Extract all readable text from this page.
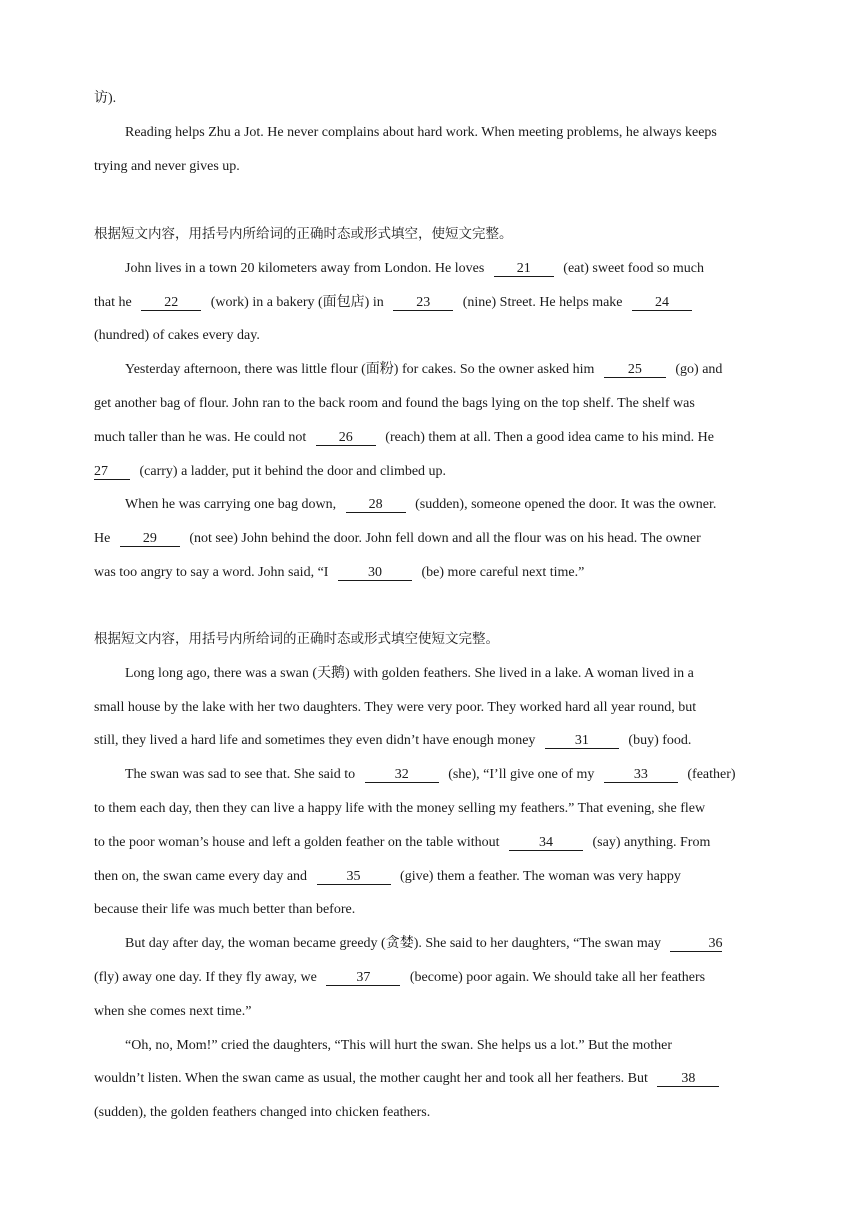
访).
Reading helps Zhu a Jot. He never complains about hard work. When meeting problems, he always keeps
trying and never gives up.
根据短文内容，用括号内所给词的正确时态或形式填空，使短文完整。
John lives in a town 20 kilometers away from London. He loves 21 (eat) sweet food so much
that he 22 (work) in a bakery (面包店) in 23 (nine) Street. He helps make 24
(hundred) of cakes every day.
Yesterday afternoon, there was little flour (面粉) for cakes. So the owner asked him 25 (go) and
get another bag of flour. John ran to the back room and found the bags lying on the top shelf. The shelf was
much taller than he was. He could not 26 (reach) them at all. Then a good idea came to his mind. He
27 (carry) a ladder, put it behind the door and climbed up.
When he was carrying one bag down, 28 (sudden), someone opened the door. It was the owner.
He 29 (not see) John behind the door. John fell down and all the flour was on his head. The owner
was too angry to say a word. John said, “I	30	(be) more careful next time.”
根据短文内容，用括号内所给词的正确时态或形式填空使短文完整。
Long long ago, there was a swan (天鹅) with golden feathers. She lived in a lake. A woman lived in a
small house by the lake with her two daughters. They were very poor. They worked hard all year round, but
still, they lived a hard life and sometimes they even didn’t have enough money	31	(buy) food.
The swan was sad to see that. She said to	32	(she), “I’ll give one of my	33	(feather)
to them each day, then they can live a happy life with the money selling my feathers.” That evening, she flew
to the poor woman’s house and left a golden feather on the table without	34	(say) anything. From
then on, the swan came every day and	35	(give) them a feather. The woman was very happy
because their life was much better than before.
But day after day, the woman became greedy (贪婪). She said to her daughters, “The swan may	36
(fly) away one day. If they fly away, we	37	(become) poor again. We should take all her feathers
when she comes next time.”
“Oh, no, Mom!” cried the daughters, “This will hurt the swan. She helps us a lot.” But the mother
wouldn’t listen. When the swan came as usual, the mother caught her and took all her feathers. But 38
(sudden), the golden feathers changed into chicken feathers.
